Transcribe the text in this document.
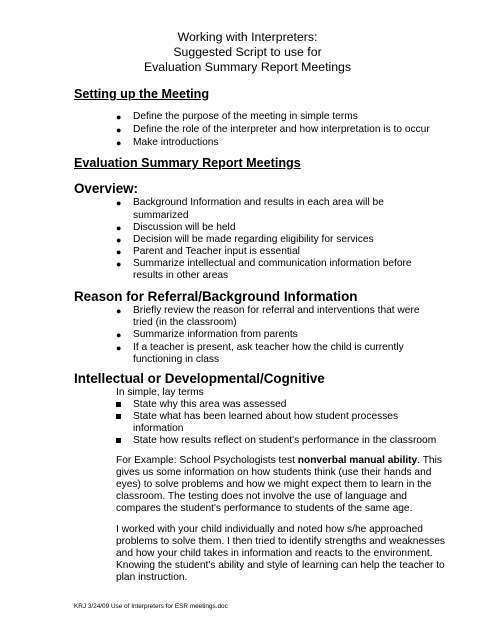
Working with Interpreters:
Suggested Script to use for
Evaluation Summary Report Meetings
Setting up the Meeting
● Define the purpose of the meeting in simple terms
● Define the role of the interpreter and how interpretation is to occur
● Make introductions
Evaluation Summary Report Meetings
Overview:
● Background Information and results in each area will be
summarized
● Discussion will be held
● Decision will be made regarding eligibility for services
● Parent and Teacher input is essential
● Summarize intellectual and communication information before
results in other areas
Reason for Referral/Background Information
● Briefly review the reason for referral and interventions that were
tried (in the classroom)
● Summarize information from parents
● If a teacher is present, ask teacher how the child is currently
functioning in class
Intellectual or Developmental/Cognitive
In simple, lay terms
State why this area was assessed
State what has been learned about how student processes
information
State how results reflect on student's performance in the classroom
For Example: School Psychologists test nonverbal manual ability. This
gives us some information on how students think (use their hands and
eyes) to solve problems and how we might expect them to learn in the
classroom. The testing does not involve the use of language and
compares the student's performance to students of the same age.
I worked with your child individually and noted how s/he approached
problems to solve them. I then tried to identify strengths and weaknesses
and how your child takes in information and reacts to the environment.
Knowing the student's ability and style of learning can help the teacher to
plan instruction.
KRJ 3/24/09 Use of Interpreters for ESR meetings.doc
